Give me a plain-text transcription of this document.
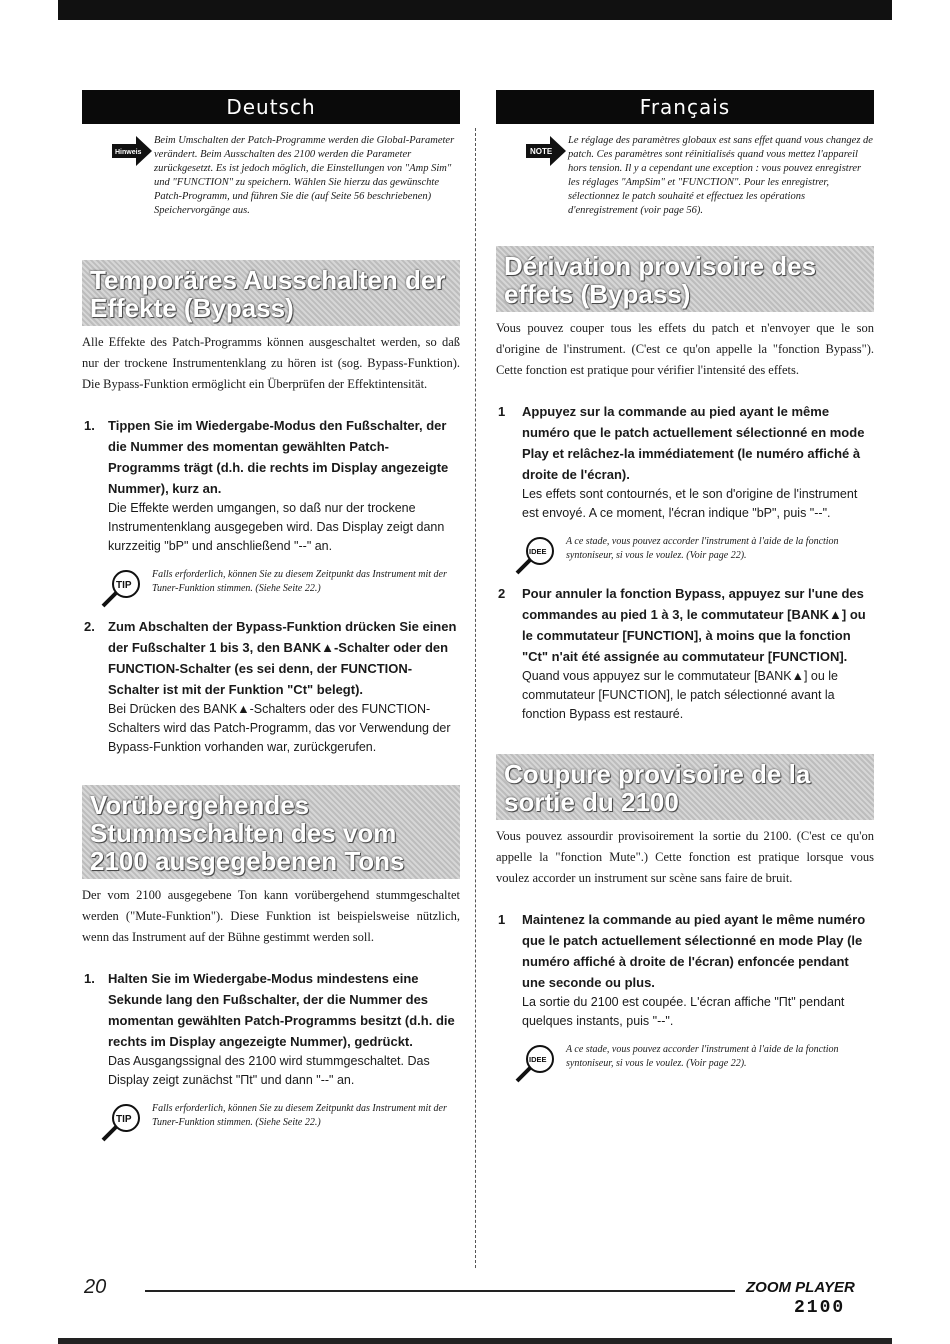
Deutsch
Hinweis

Beim Umschalten der Patch-Programme werden die Global-Parameter verändert. Beim Ausschalten des 2100 werden die Parameter zurückgesetzt. Es ist jedoch möglich, die Einstellungen von "Amp Sim" und "FUNCTION" zu speichern. Wählen Sie hierzu das gewünschte Patch-Programm, und führen Sie die (auf Seite 56 beschriebenen) Speichervorgänge aus.

Temporäres Ausschalten der Effekte (Bypass)

Alle Effekte des Patch-Programms können ausgeschaltet werden, so daß nur der trockene Instrumentenklang zu hören ist (sog. Bypass-Funktion). Die Bypass-Funktion ermöglicht ein Überprüfen der Effektintensität.

1. Tippen Sie im Wiedergabe-Modus den Fußschalter, der die Nummer des momentan gewählten Patch-Programms trägt (d.h. die rechts im Display angezeigte Nummer), kurz an.

Die Effekte werden umgangen, so daß nur der trockene Instrumentenklang ausgegeben wird. Das Display zeigt dann kurzzeitig "bP" und anschließend "--" an.

TIP

Falls erforderlich, können Sie zu diesem Zeitpunkt das Instrument mit der Tuner-Funktion stimmen. (Siehe Seite 22.)

2. Zum Abschalten der Bypass-Funktion drücken Sie einen der Fußschalter 1 bis 3, den BANK▲-Schalter oder den FUNCTION-Schalter (es sei denn, der FUNCTION-Schalter ist mit der Funktion "Ct" belegt).

Bei Drücken des BANK▲-Schalters oder des FUNCTION-Schalters wird das Patch-Programm, das vor Verwendung der Bypass-Funktion vorhanden war, zurückgerufen.

Vorübergehendes Stummschalten des vom 2100 ausgegebenen Tons

Der vom 2100 ausgegebene Ton kann vorübergehend stummgeschaltet werden ("Mute-Funktion"). Diese Funktion ist beispielsweise nützlich, wenn das Instrument auf der Bühne gestimmt werden soll.

1. Halten Sie im Wiedergabe-Modus mindestens eine Sekunde lang den Fußschalter, der die Nummer des momentan gewählten Patch-Programms besitzt (d.h. die rechts im Display angezeigte Nummer), gedrückt.

Das Ausgangssignal des 2100 wird stummgeschaltet. Das Display zeigt zunächst "Πt" und dann "--" an.

TIP

Falls erforderlich, können Sie zu diesem Zeitpunkt das Instrument mit der Tuner-Funktion stimmen. (Siehe Seite 22.)

Français
NOTE

Le réglage des paramètres globaux est sans effet quand vous changez de patch. Ces paramètres sont réinitialisés quand vous mettez l'appareil hors tension. Il y a cependant une exception : vous pouvez enregistrer les réglages "AmpSim" et "FUNCTION". Pour les enregistrer, sélectionnez le patch souhaité et effectuez les opérations d'enregistrement (voir page 56).

Dérivation provisoire des effets (Bypass)

Vous pouvez couper tous les effets du patch et n'envoyer que le son d'origine de l'instrument. (C'est ce qu'on appelle la "fonction Bypass"). Cette fonction est pratique pour vérifier l'intensité des effets.

1 Appuyez sur la commande au pied ayant le même numéro que le patch actuellement sélectionné en mode Play et relâchez-la immédiatement (le numéro affiché à droite de l'écran).

Les effets sont contournés, et le son d'origine de l'instrument est envoyé. A ce moment, l'écran indique "bP", puis "--".

IDEE

A ce stade, vous pouvez accorder l'instrument à l'aide de la fonction syntoniseur, si vous le voulez. (Voir page 22).

2 Pour annuler la fonction Bypass, appuyez sur l'une des commandes au pied 1 à 3, le commutateur [BANK▲] ou le commutateur [FUNCTION], à moins que la fonction "Ct" n'ait été assignée au commutateur [FUNCTION].

Quand vous appuyez sur le commutateur [BANK▲] ou le commutateur [FUNCTION], le patch sélectionné avant la fonction Bypass est restauré.

Coupure provisoire de la sortie du 2100

Vous pouvez assourdir provisoirement la sortie du 2100. (C'est ce qu'on appelle la "fonction Mute".) Cette fonction est pratique lorsque vous voulez accorder un instrument sur scène sans faire de bruit.

1 Maintenez la commande au pied ayant le même numéro que le patch actuellement sélectionné en mode Play (le numéro affiché à droite de l'écran) enfoncée pendant une seconde ou plus.

La sortie du 2100 est coupée. L'écran affiche "Πt" pendant quelques instants, puis "--".

IDEE

A ce stade, vous pouvez accorder l'instrument à l'aide de la fonction syntoniseur, si vous le voulez. (Voir page 22).

20	ZOOM PLAYER
2100
